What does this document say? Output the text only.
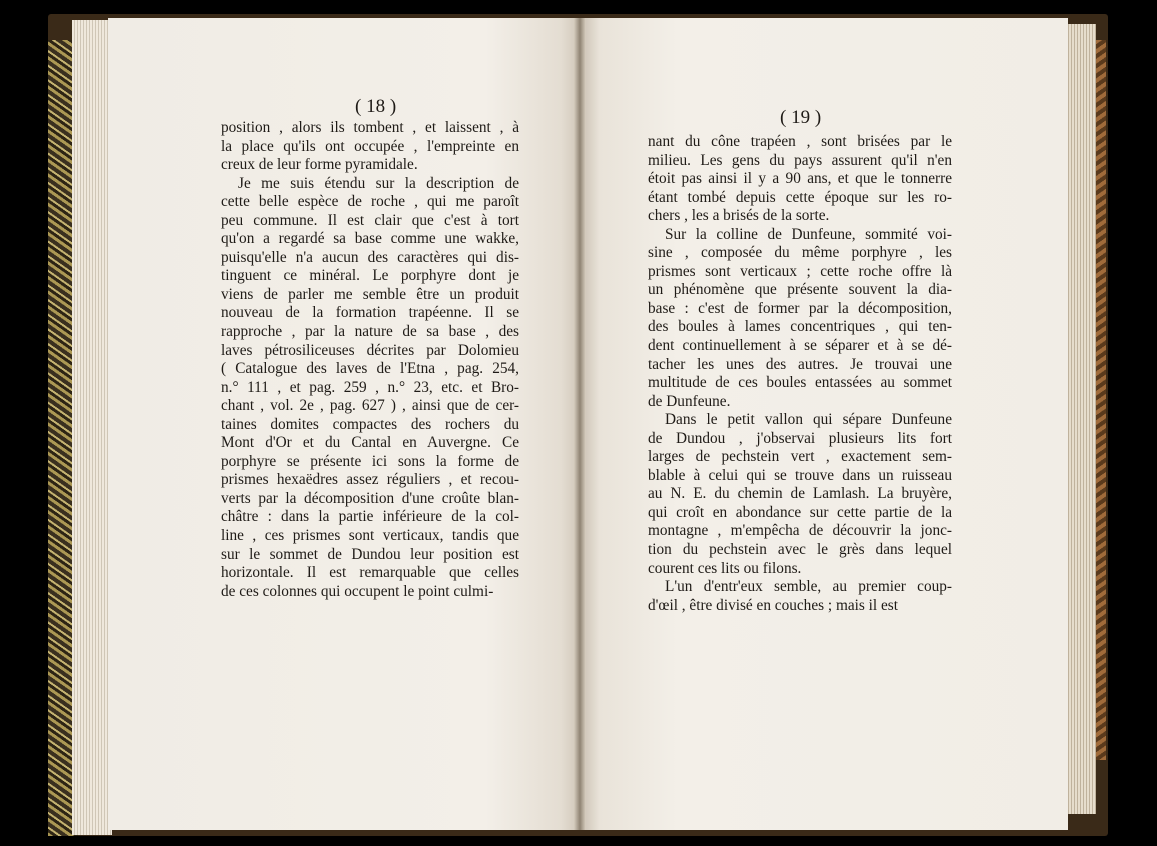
( 18 )
position , alors ils tombent , et laissent , à
la place qu'ils ont occupée , l'empreinte en
creux de leur forme pyramidale.
Je me suis étendu sur la description de
cette belle espèce de roche , qui me paroît
peu commune. Il est clair que c'est à tort
qu'on a regardé sa base comme une wakke,
puisqu'elle n'a aucun des caractères qui dis-
tinguent ce minéral. Le porphyre dont je
viens de parler me semble être un produit
nouveau de la formation trapéenne. Il se
rapproche , par la nature de sa base , des
laves pétrosiliceuses décrites par Dolomieu
( Catalogue des laves de l'Etna , pag. 254,
n.° 111 , et pag. 259 , n.° 23, etc. et Bro-
chant , vol. 2e , pag. 627 ) , ainsi que de cer-
taines domites compactes des rochers du
Mont d'Or et du Cantal en Auvergne. Ce
porphyre se présente ici sons la forme de
prismes hexaëdres assez réguliers , et recou-
verts par la décomposition d'une croûte blan-
châtre : dans la partie inférieure de la col-
line , ces prismes sont verticaux, tandis que
sur le sommet de Dundou leur position est
horizontale. Il est remarquable que celles
de ces colonnes qui occupent le point culmi-
( 19 )
nant du cône trapéen , sont brisées par le
milieu. Les gens du pays assurent qu'il n'en
étoit pas ainsi il y a 90 ans, et que le tonnerre
étant tombé depuis cette époque sur les ro-
chers , les a brisés de la sorte.
Sur la colline de Dunfeune, sommité voi-
sine , composée du même porphyre , les
prismes sont verticaux ; cette roche offre là
un phénomène que présente souvent la dia-
base : c'est de former par la décomposition,
des boules à lames concentriques , qui ten-
dent continuellement à se séparer et à se dé-
tacher les unes des autres. Je trouvai une
multitude de ces boules entassées au sommet
de Dunfeune.
Dans le petit vallon qui sépare Dunfeune
de Dundou , j'observai plusieurs lits fort
larges de pechstein vert , exactement sem-
blable à celui qui se trouve dans un ruisseau
au N. E. du chemin de Lamlash. La bruyère,
qui croît en abondance sur cette partie de la
montagne , m'empêcha de découvrir la jonc-
tion du pechstein avec le grès dans lequel
courent ces lits ou filons.
L'un d'entr'eux semble, au premier coup-
d'œil , être divisé en couches ; mais il est
